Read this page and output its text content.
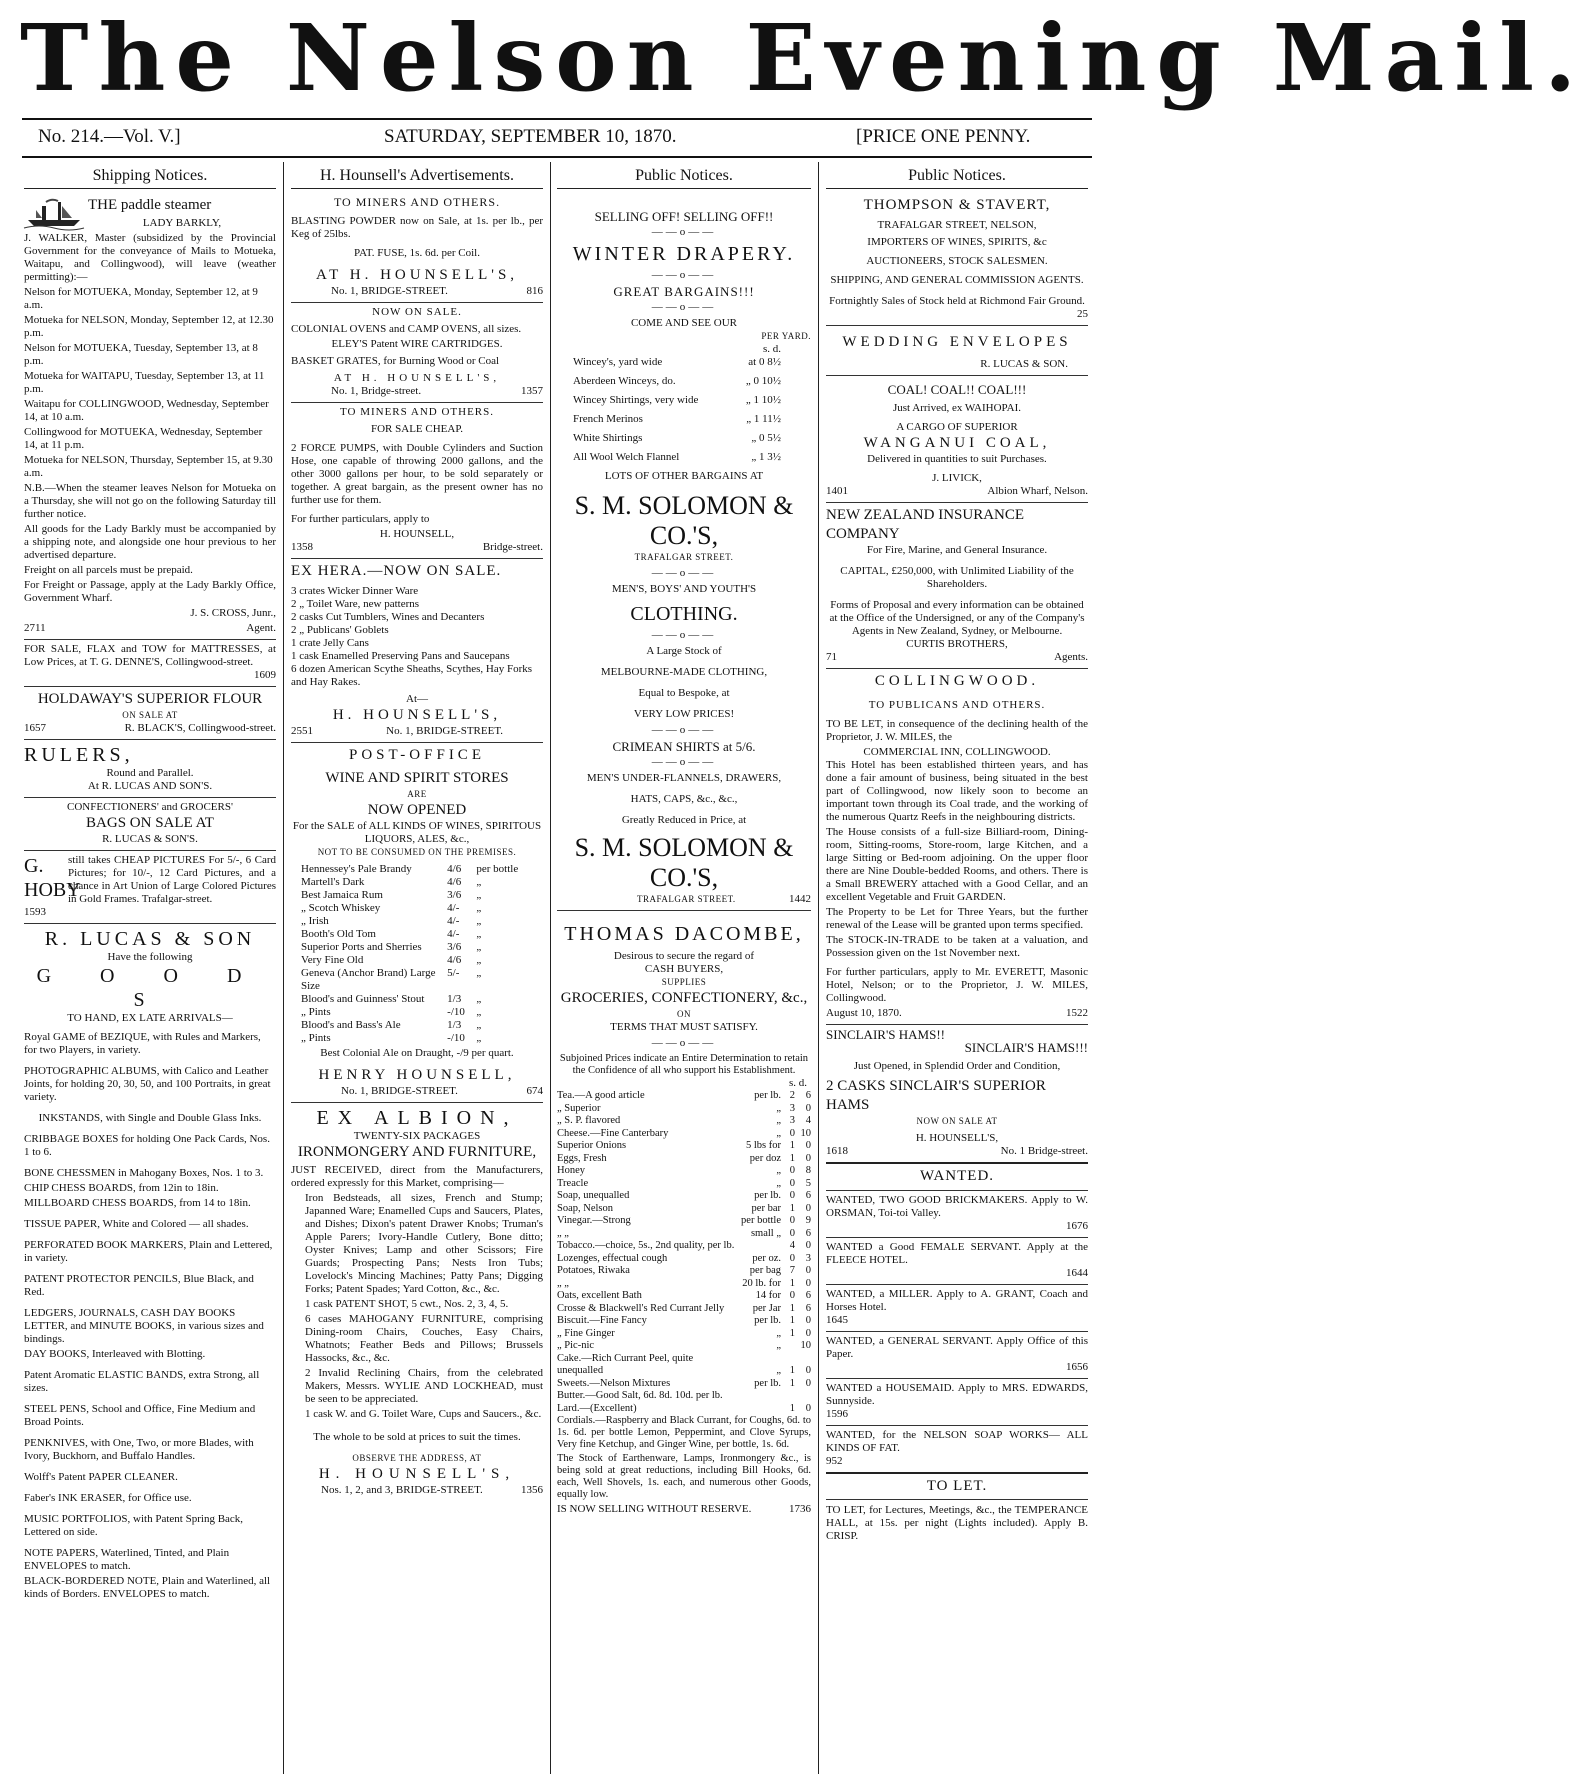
The Nelson Evening Mail.
No. 214.—Vol. V.]	SATURDAY, SEPTEMBER 10, 1870.	[PRICE ONE PENNY.
Shipping Notices.
THE paddle steamer
LADY BARKLY,
J. WALKER, Master (subsidized by the Provincial Government for the conveyance of Mails to Motueka, Waitapu, and Collingwood), will leave (weather permitting):—
Nelson for MOTUEKA, Monday, September 12, at 9 a.m.
Motueka for NELSON, Monday, September 12, at 12.30 p.m.
Nelson for MOTUEKA, Tuesday, September 13, at 8 p.m.
Motueka for WAITAPU, Tuesday, September 13, at 11 p.m.
Waitapu for COLLINGWOOD, Wednesday, September 14, at 10 a.m.
Collingwood for MOTUEKA, Wednesday, September 14, at 11 p.m.
Motueka for NELSON, Thursday, September 15, at 9.30 a.m.
N.B.—When the steamer leaves Nelson for Motueka on a Thursday, she will not go on the following Saturday till further notice.
All goods for the Lady Barkly must be accompanied by a shipping note, and alongside one hour previous to her advertised departure.
Freight on all parcels must be prepaid.
For Freight or Passage, apply at the Lady Barkly Office, Government Wharf.
J. S. CROSS, Junr.,
2711	Agent.
FOR SALE, FLAX and TOW for MATTRESSES, at Low Prices, at T. G. DENNE'S, Collingwood-street.
1609
HOLDAWAY'S SUPERIOR FLOUR
ON SALE AT
1657	R. BLACK'S, Collingwood-street.
RULERS,
Round and Parallel.
At R. LUCAS AND SON'S.
CONFECTIONERS' and GROCERS'
BAGS ON SALE AT
R. LUCAS & SON'S.
G. HOBY
still takes CHEAP PICTURES For 5/-, 6 Card Pictures; for 10/-, 12 Card Pictures, and a chance in Art Union of Large Colored Pictures in Gold Frames. Trafalgar-street.
1593
R. LUCAS & SON
Have the following
G O O D S
TO HAND, EX LATE ARRIVALS—
Royal GAME of BEZIQUE, with Rules and Markers, for two Players, in variety.
PHOTOGRAPHIC ALBUMS, with Calico and Leather Joints, for holding 20, 30, 50, and 100 Portraits, in great variety.
INKSTANDS, with Single and Double Glass Inks.
CRIBBAGE BOXES for holding One Pack Cards, Nos. 1 to 6.
BONE CHESSMEN in Mahogany Boxes, Nos. 1 to 3.
CHIP CHESS BOARDS, from 12in to 18in.
MILLBOARD CHESS BOARDS, from 14 to 18in.
TISSUE PAPER, White and Colored — all shades.
PERFORATED BOOK MARKERS, Plain and Lettered, in variety.
PATENT PROTECTOR PENCILS, Blue Black, and Red.
LEDGERS, JOURNALS, CASH DAY BOOKS LETTER, and MINUTE BOOKS, in various sizes and bindings.
DAY BOOKS, Interleaved with Blotting.
Patent Aromatic ELASTIC BANDS, extra Strong, all sizes.
STEEL PENS, School and Office, Fine Medium and Broad Points.
PENKNIVES, with One, Two, or more Blades, with Ivory, Buckhorn, and Buffalo Handles.
Wolff's Patent PAPER CLEANER.
Faber's INK ERASER, for Office use.
MUSIC PORTFOLIOS, with Patent Spring Back, Lettered on side.
NOTE PAPERS, Waterlined, Tinted, and Plain ENVELOPES to match.
BLACK-BORDERED NOTE, Plain and Waterlined, all kinds of Borders. ENVELOPES to match.
H. Hounsell's Advertisements.
TO MINERS AND OTHERS.
BLASTING POWDER now on Sale, at 1s. per lb., per Keg of 25lbs.
PAT. FUSE, 1s. 6d. per Coil.
AT H. HOUNSELL'S,
No. 1, BRIDGE-STREET.	816
NOW ON SALE.
COLONIAL OVENS and CAMP OVENS, all sizes.
ELEY'S Patent WIRE CARTRIDGES.
BASKET GRATES, for Burning Wood or Coal
AT H. HOUNSELL'S,
No. 1, Bridge-street.	1357
TO MINERS AND OTHERS.
FOR SALE CHEAP.
2 FORCE PUMPS, with Double Cylinders and Suction Hose, one capable of throwing 2000 gallons, and the other 3000 gallons per hour, to be sold separately or together. A great bargain, as the present owner has no further use for them.
For further particulars, apply to
H. HOUNSELL,
1358	Bridge-street.
EX HERA.—NOW ON SALE.
3 crates Wicker Dinner Ware
2 „ Toilet Ware, new patterns
2 casks Cut Tumblers, Wines and Decanters
2 „ Publicans' Goblets
1 crate Jelly Cans
1 cask Enamelled Preserving Pans and Saucepans
6 dozen American Scythe Sheaths, Scythes, Hay Forks and Hay Rakes.
At—
H. HOUNSELL'S,
2551	No. 1, BRIDGE-STREET.
POST-OFFICE
WINE AND SPIRIT STORES
ARE
NOW OPENED
For the SALE of ALL KINDS OF WINES, SPIRITOUS LIQUORS, ALES, &c.,
NOT TO BE CONSUMED ON THE PREMISES.
Hennessey's Pale Brandy	4/6	per bottle
Martell's Dark	4/6	„
Best Jamaica Rum	3/6	„
„ Scotch Whiskey	4/-	„
„ Irish	4/-	„
Booth's Old Tom	4/-	„
Superior Ports and Sherries	3/6	„
Very Fine Old	4/6	„
Geneva (Anchor Brand) Large Size
5/-	„
Blood's and Guinness' Stout	1/3	„
„ Pints	-/10	„
Blood's and Bass's Ale	1/3	„
„ Pints	-/10	„
Best Colonial Ale on Draught, -/9 per quart.
HENRY HOUNSELL,
No. 1, BRIDGE-STREET.	674
EX ALBION,
TWENTY-SIX PACKAGES
IRONMONGERY AND FURNITURE,
JUST RECEIVED, direct from the Manufacturers, ordered expressly for this Market, comprising—
Iron Bedsteads, all sizes, French and Stump; Japanned Ware; Enamelled Cups and Saucers, Plates, and Dishes; Dixon's patent Drawer Knobs; Truman's Apple Parers; Ivory-Handle Cutlery, Bone ditto; Oyster Knives; Lamp and other Scissors; Fire Guards; Prospecting Pans; Nests Iron Tubs; Lovelock's Mincing Machines; Patty Pans; Digging Forks; Patent Spades; Yard Cotton, &c., &c.
1 cask PATENT SHOT, 5 cwt., Nos. 2, 3, 4, 5.
6 cases MAHOGANY FURNITURE, comprising Dining-room Chairs, Couches, Easy Chairs, Whatnots; Feather Beds and Pillows; Brussels Hassocks, &c., &c.
2 Invalid Reclining Chairs, from the celebrated Makers, Messrs. WYLIE AND LOCKHEAD, must be seen to be appreciated.
1 cask W. and G. Toilet Ware, Cups and Saucers., &c.
The whole to be sold at prices to suit the times.
OBSERVE THE ADDRESS, AT
H. HOUNSELL'S,
Nos. 1, 2, and 3, BRIDGE-STREET.	1356
Public Notices.
SELLING OFF! SELLING OFF!!
——o——
WINTER DRAPERY.
——o——
GREAT BARGAINS!!!
——o——
COME AND SEE OUR
PER YARD.
s. d.
Wincey's, yard wide	at 0 8½
Aberdeen Winceys, do.	„ 0 10½
Wincey Shirtings, very wide	„ 1 10½
French Merinos	„ 1 11½
White Shirtings	„ 0 5½
All Wool Welch Flannel	„ 1 3½
LOTS OF OTHER BARGAINS AT
S. M. SOLOMON & CO.'S,
TRAFALGAR STREET.
——o——
MEN'S, BOYS' AND YOUTH'S
CLOTHING.
——o——
A Large Stock of
MELBOURNE-MADE CLOTHING,
Equal to Bespoke, at
VERY LOW PRICES!
——o——
CRIMEAN SHIRTS at 5/6.
——o——
MEN'S UNDER-FLANNELS, DRAWERS,
HATS, CAPS, &c., &c.,
Greatly Reduced in Price, at
S. M. SOLOMON & CO.'S,
TRAFALGAR STREET.	1442
THOMAS DACOMBE,
Desirous to secure the regard of
CASH BUYERS,
SUPPLIES
GROCERIES, CONFECTIONERY, &c.,
ON
TERMS THAT MUST SATISFY.
——o——
Subjoined Prices indicate an Entire Determination to retain the Confidence of all who support his Establishment.
s. d.
Tea.—A good article	per lb.	2	6
„ Superior	„	3	0
„ S. P. flavored	„	3	4
Cheese.—Fine Canterbary	„	0	10
Superior Onions	5 lbs for	1	0
Eggs, Fresh	per doz	1	0
Honey	„	0	8
Treacle	„	0	5
Soap, unequalled	per lb.	0	6
Soap, Nelson	per bar	1	0
Vinegar.—Strong	per bottle	0	9
„ „	small „	0	6
Tobacco.—choice, 5s., 2nd quality, per lb.		4	0
Lozenges, effectual cough	per oz.	0	3
Potatoes, Riwaka	per bag	7	0
„ „	20 lb. for	1	0
Oats, excellent Bath	14 for	0	6
Crosse & Blackwell's Red Currant Jelly	per Jar	1	6
Biscuit.—Fine Fancy	per lb.	1	0
„ Fine Ginger	„	1	0
„ Pic-nic	„		10
Cake.—Rich Currant Peel, quite unequalled	„	1	0
Sweets.—Nelson Mixtures	per lb.	1	0
Butter.—Good Salt, 6d. 8d. 10d. per lb.			
Lard.—(Excellent)		1	0
Cordials.—Raspberry and Black Currant, for Coughs, 6d. to 1s. 6d. per bottle Lemon, Peppermint, and Clove Syrups, Very fine Ketchup, and Ginger Wine, per bottle, 1s. 6d.
The Stock of Earthenware, Lamps, Ironmongery &c., is being sold at great reductions, including Bill Hooks, 6d. each, Well Shovels, 1s. each, and numerous other Goods, equally low.
IS NOW SELLING WITHOUT RESERVE.	1736
Public Notices.
THOMPSON & STAVERT,
TRAFALGAR STREET, NELSON,
IMPORTERS OF WINES, SPIRITS, &c
AUCTIONEERS, STOCK SALESMEN.
SHIPPING, AND GENERAL COMMISSION AGENTS.
Fortnightly Sales of Stock held at Richmond Fair Ground.
25
WEDDING ENVELOPES
R. LUCAS & SON.
COAL! COAL!! COAL!!!
Just Arrived, ex WAIHOPAI.
A CARGO OF SUPERIOR
WANGANUI COAL,
Delivered in quantities to suit Purchases.
J. LIVICK,
1401	Albion Wharf, Nelson.
NEW ZEALAND INSURANCE COMPANY
For Fire, Marine, and General Insurance.
CAPITAL, £250,000, with Unlimited Liability of the Shareholders.
Forms of Proposal and every information can be obtained at the Office of the Undersigned, or any of the Company's Agents in New Zealand, Sydney, or Melbourne.
CURTIS BROTHERS,
71	Agents.
COLLINGWOOD.
TO PUBLICANS AND OTHERS.
TO BE LET, in consequence of the declining health of the Proprietor, J. W. MILES, the
COMMERCIAL INN, COLLINGWOOD.
This Hotel has been established thirteen years, and has done a fair amount of business, being situated in the best part of Collingwood, now likely soon to become an important town through its Coal trade, and the working of the numerous Quartz Reefs in the neighbouring districts.
The House consists of a full-size Billiard-room, Dining-room, Sitting-rooms, Store-room, large Kitchen, and a large Sitting or Bed-room adjoining. On the upper floor there are Nine Double-bedded Rooms, and others. There is a Small BREWERY attached with a Good Cellar, and an excellent Vegetable and Fruit GARDEN.
The Property to be Let for Three Years, but the further renewal of the Lease will be granted upon terms specified.
The STOCK-IN-TRADE to be taken at a valuation, and Possession given on the 1st November next.
For further particulars, apply to Mr. EVERETT, Masonic Hotel, Nelson; or to the Proprietor, J. W. MILES, Collingwood.
August 10, 1870.	1522
SINCLAIR'S HAMS!!
SINCLAIR'S HAMS!!!
Just Opened, in Splendid Order and Condition,
2 CASKS SINCLAIR'S SUPERIOR HAMS
NOW ON SALE AT
H. HOUNSELL'S,
1618	No. 1 Bridge-street.
WANTED.
WANTED, TWO GOOD BRICKMAKERS. Apply to W. ORSMAN, Toi-toi Valley.
1676
WANTED a Good FEMALE SERVANT. Apply at the FLEECE HOTEL.
1644
WANTED, a MILLER. Apply to A. GRANT, Coach and Horses Hotel.
1645
WANTED, a GENERAL SERVANT. Apply Office of this Paper.
1656
WANTED a HOUSEMAID. Apply to MRS. EDWARDS, Sunnyside.
1596
WANTED, for the NELSON SOAP WORKS— ALL KINDS OF FAT.
952
TO LET.
TO LET, for Lectures, Meetings, &c., the TEMPERANCE HALL, at 15s. per night (Lights included). Apply B. CRISP.
